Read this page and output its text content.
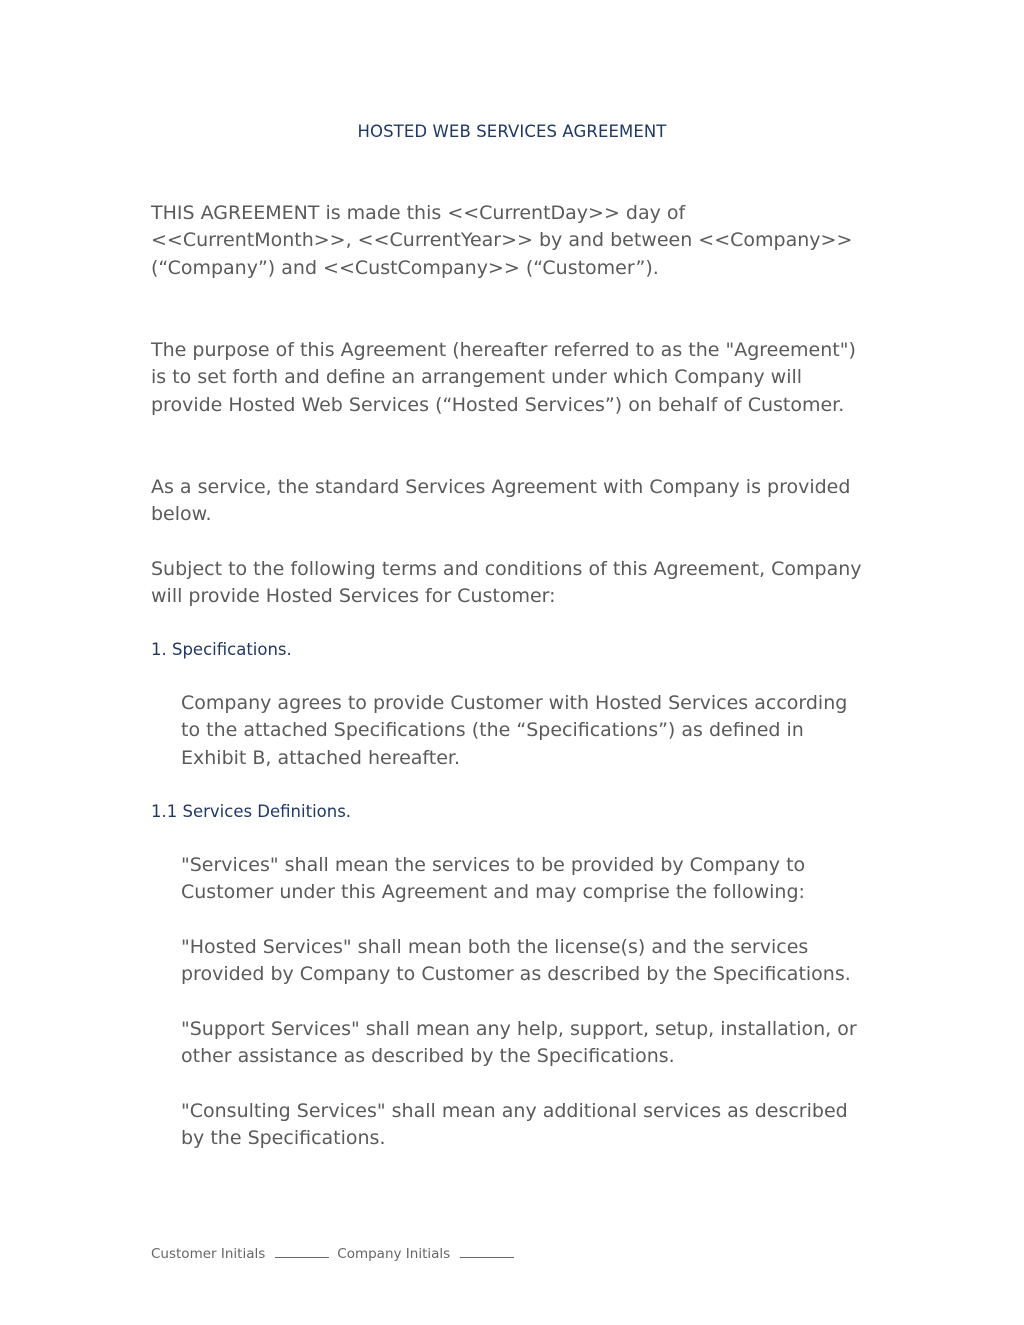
HOSTED WEB SERVICES AGREEMENT

THIS AGREEMENT is made this <<CurrentDay>> day of <<CurrentMonth>>, <<CurrentYear>> by and between <<Company>> (“Company”) and <<CustCompany>> (“Customer”).

The purpose of this Agreement (hereafter referred to as the "Agreement") is to set forth and define an arrangement under which Company will provide Hosted Web Services (“Hosted Services”) on behalf of Customer.

As a service, the standard Services Agreement with Company is provided below.

Subject to the following terms and conditions of this Agreement, Company will provide Hosted Services for Customer:

1. Specifications.

Company agrees to provide Customer with Hosted Services according to the attached Specifications (the “Specifications”) as defined in Exhibit B, attached hereafter.

1.1 Services Definitions.

"Services" shall mean the services to be provided by Company to Customer under this Agreement and may comprise the following:

"Hosted Services" shall mean both the license(s) and the services provided by Company to Customer as described by the Specifications.

"Support Services" shall mean any help, support, setup, installation, or other assistance as described by the Specifications.

"Consulting Services" shall mean any additional services as described by the Specifications.

Customer Initials	Company Initials
